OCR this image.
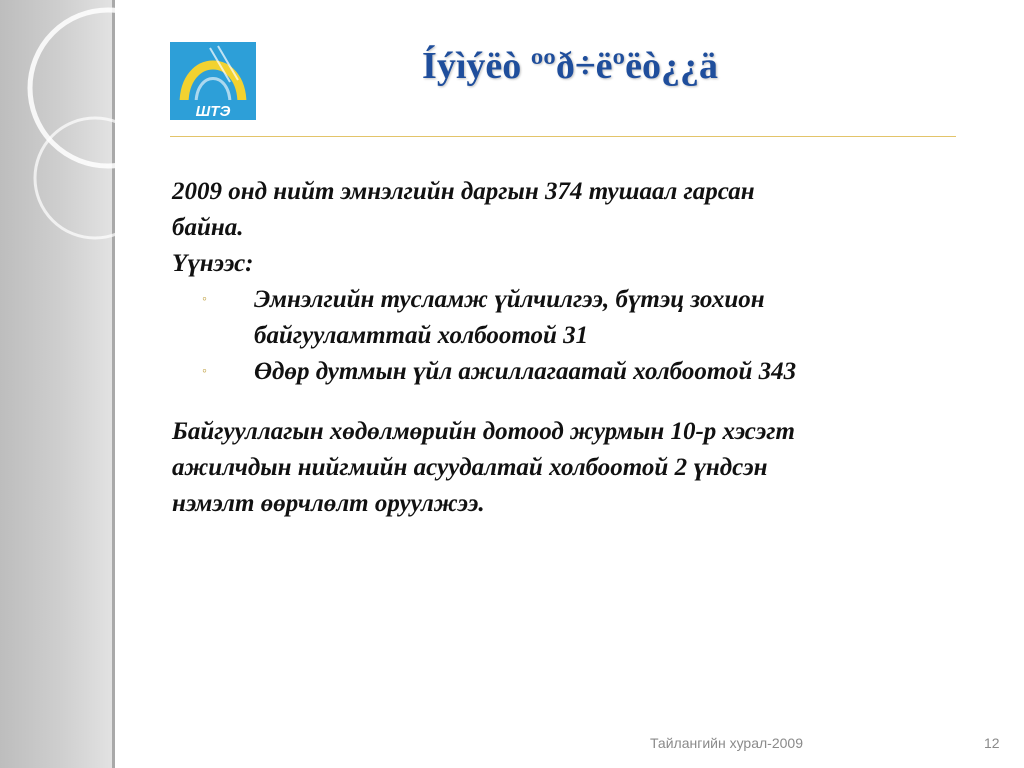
ШТЭ
Íýìýëò ººð÷ëºëò¿¿ä

2009 онд нийт эмнэлгийн даргын 374 тушаал гарсан

байна.

Үүнээс:

◦ Эмнэлгийн тусламж үйлчилгээ, бүтэц зохион

байгууламттай холбоотой 31

◦ Өдөр дутмын үйл ажиллагаатай холбоотой 343

Байгууллагын хөдөлмөрийн дотоод журмын 10-р хэсэгт

ажилчдын нийгмийн асуудалтай холбоотой 2 үндсэн

нэмэлт өөрчлөлт оруулжээ.

Тайлангийн хурал-2009	12
